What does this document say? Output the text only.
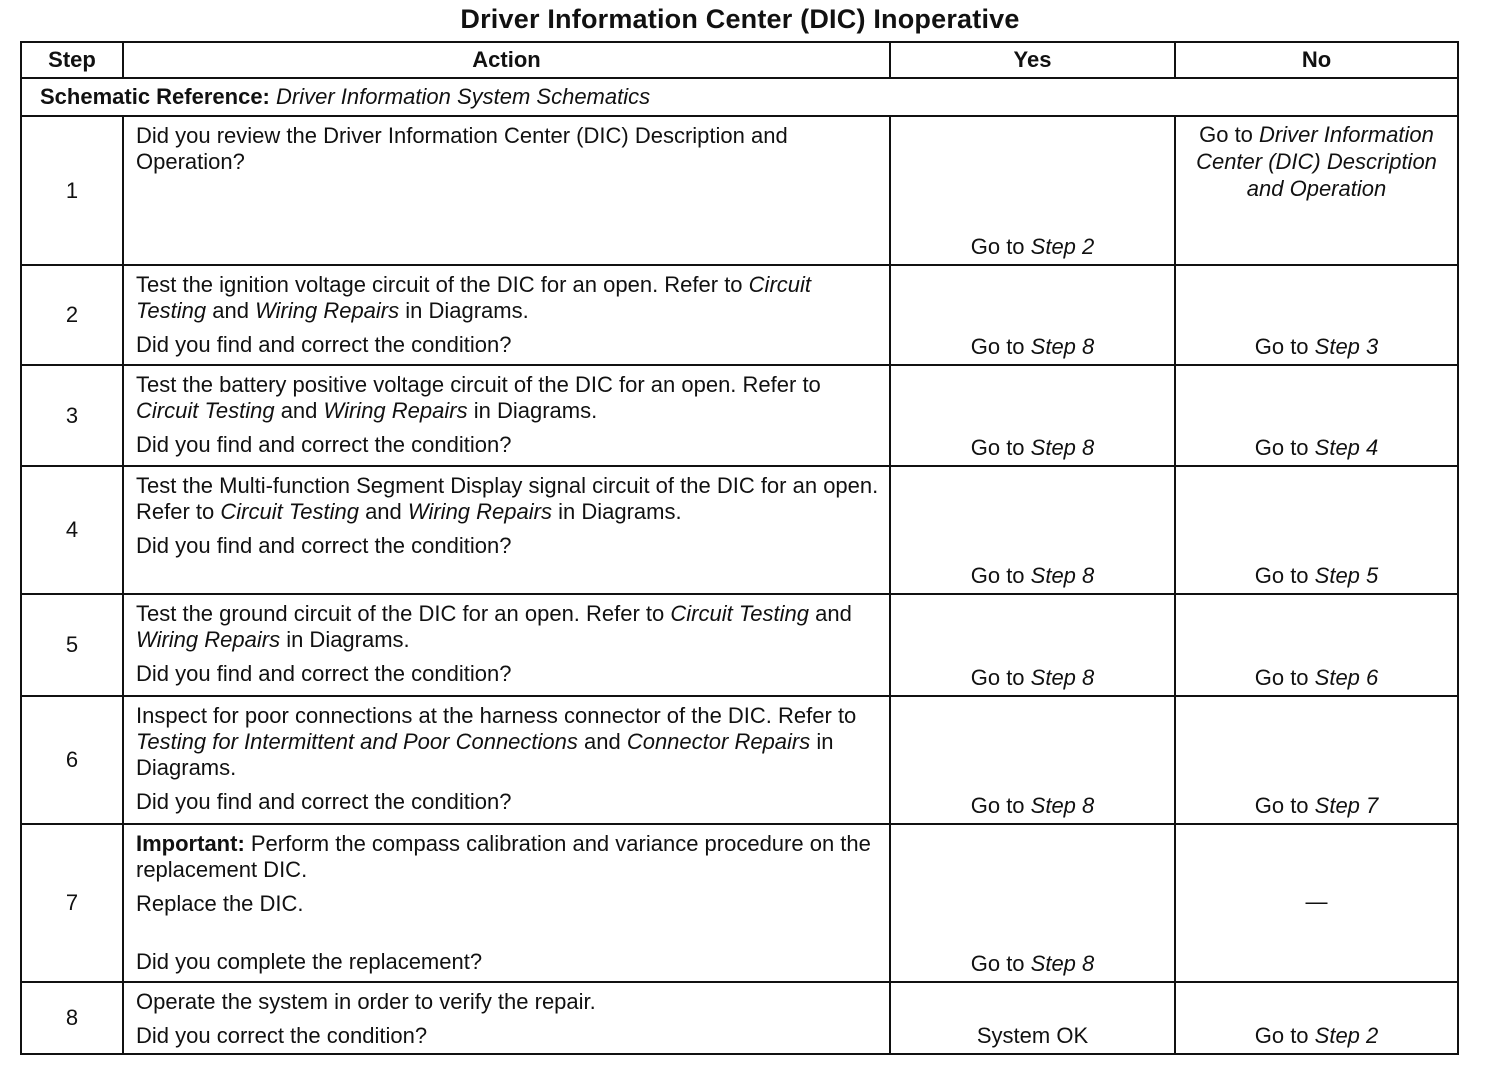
Driver Information Center (DIC) Inoperative
Step	Action	Yes	No
Schematic Reference: Driver Information System Schematics			
1	Did you review the Driver Information Center (DIC) Description and Operation?	Go to Step 2	Go to Driver Information Center (DIC) Description and Operation
2	Test the ignition voltage circuit of the DIC for an open. Refer to Circuit Testing and Wiring Repairs in Diagrams.

Did you find and correct the condition?	Go to Step 8	Go to Step 3
3	Test the battery positive voltage circuit of the DIC for an open. Refer to Circuit Testing and Wiring Repairs in Diagrams.

Did you find and correct the condition?	Go to Step 8	Go to Step 4
4	Test the Multi-function Segment Display signal circuit of the DIC for an open. Refer to Circuit Testing and Wiring Repairs in Diagrams.

Did you find and correct the condition?	Go to Step 8	Go to Step 5
5	Test the ground circuit of the DIC for an open. Refer to Circuit Testing and Wiring Repairs in Diagrams.

Did you find and correct the condition?	Go to Step 8	Go to Step 6
6	Inspect for poor connections at the harness connector of the DIC. Refer to Testing for Intermittent and Poor Connections and Connector Repairs in Diagrams.

Did you find and correct the condition?	Go to Step 8	Go to Step 7
7	Important: Perform the compass calibration and variance procedure on the replacement DIC.

Replace the DIC.

Did you complete the replacement?	Go to Step 8	—
8	Operate the system in order to verify the repair.

Did you correct the condition?	System OK	Go to Step 2
